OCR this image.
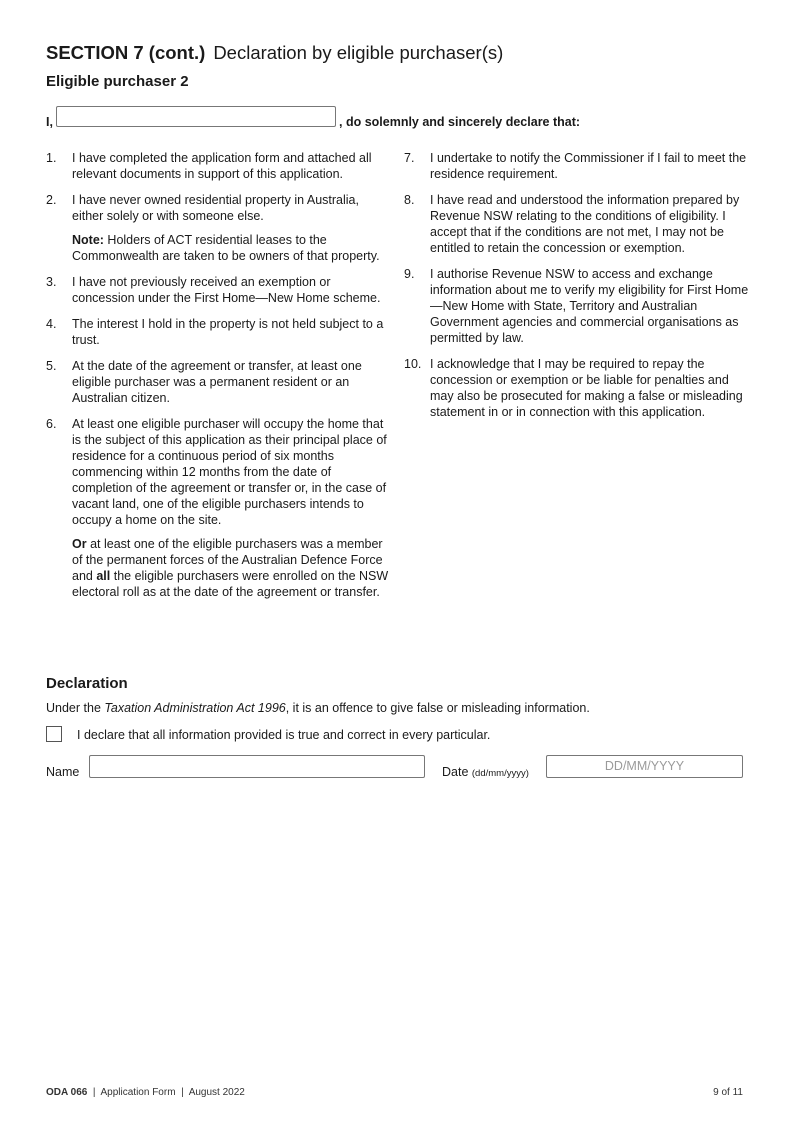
SECTION 7 (cont.) Declaration by eligible purchaser(s)
Eligible purchaser 2
I,	, do solemnly and sincerely declare that:
1. I have completed the application form and attached all relevant documents in support of this application.

2. I have never owned residential property in Australia, either solely or with someone else.

Note: Holders of ACT residential leases to the Commonwealth are taken to be owners of that property.

3. I have not previously received an exemption or concession under the First Home—New Home scheme.

4. The interest I hold in the property is not held subject to a trust.

5. At the date of the agreement or transfer, at least one eligible purchaser was a permanent resident or an Australian citizen.

6. At least one eligible purchaser will occupy the home that is the subject of this application as their principal place of residence for a continuous period of six months commencing within 12 months from the date of completion of the agreement or transfer or, in the case of vacant land, one of the eligible purchasers intends to occupy a home on the site.

Or at least one of the eligible purchasers was a member of the permanent forces of the Australian Defence Force and all the eligible purchasers were enrolled on the NSW electoral roll as at the date of the agreement or transfer.

7. I undertake to notify the Commissioner if I fail to meet the residence requirement.

8. I have read and understood the information prepared by Revenue NSW relating to the conditions of eligibility. I accept that if the conditions are not met, I may not be entitled to retain the concession or exemption.

9. I authorise Revenue NSW to access and exchange information about me to verify my eligibility for First Home—New Home with State, Territory and Australian Government agencies and commercial organisations as permitted by law.

10. I acknowledge that I may be required to repay the concession or exemption or be liable for penalties and may also be prosecuted for making a false or misleading statement in or in connection with this application.

Declaration
Under the Taxation Administration Act 1996, it is an offence to give false or misleading information.
I declare that all information provided is true and correct in every particular.
Name	Date (dd/mm/yyyy)
DD/MM/YYYY
ODA 066  |  Application Form  |  August 2022	9 of 11
